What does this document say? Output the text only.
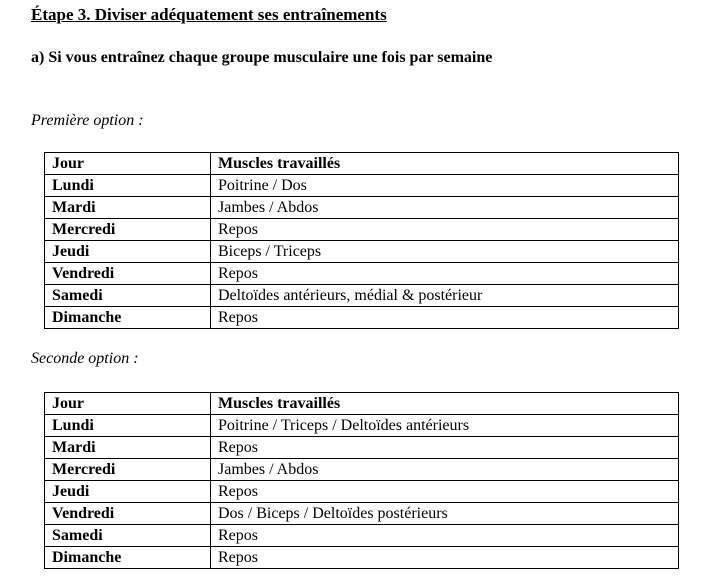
Étape 3. Diviser adéquatement ses entraînements
a) Si vous entraînez chaque groupe musculaire une fois par semaine
Première option :
Jour	Muscles travaillés
Lundi	Poitrine / Dos
Mardi	Jambes / Abdos
Mercredi	Repos
Jeudi	Biceps / Triceps
Vendredi	Repos
Samedi	Deltoïdes antérieurs, médial & postérieur
Dimanche	Repos
Seconde option :
Jour	Muscles travaillés
Lundi	Poitrine / Triceps / Deltoïdes antérieurs
Mardi	Repos
Mercredi	Jambes / Abdos
Jeudi	Repos
Vendredi	Dos / Biceps / Deltoïdes postérieurs
Samedi	Repos
Dimanche	Repos
